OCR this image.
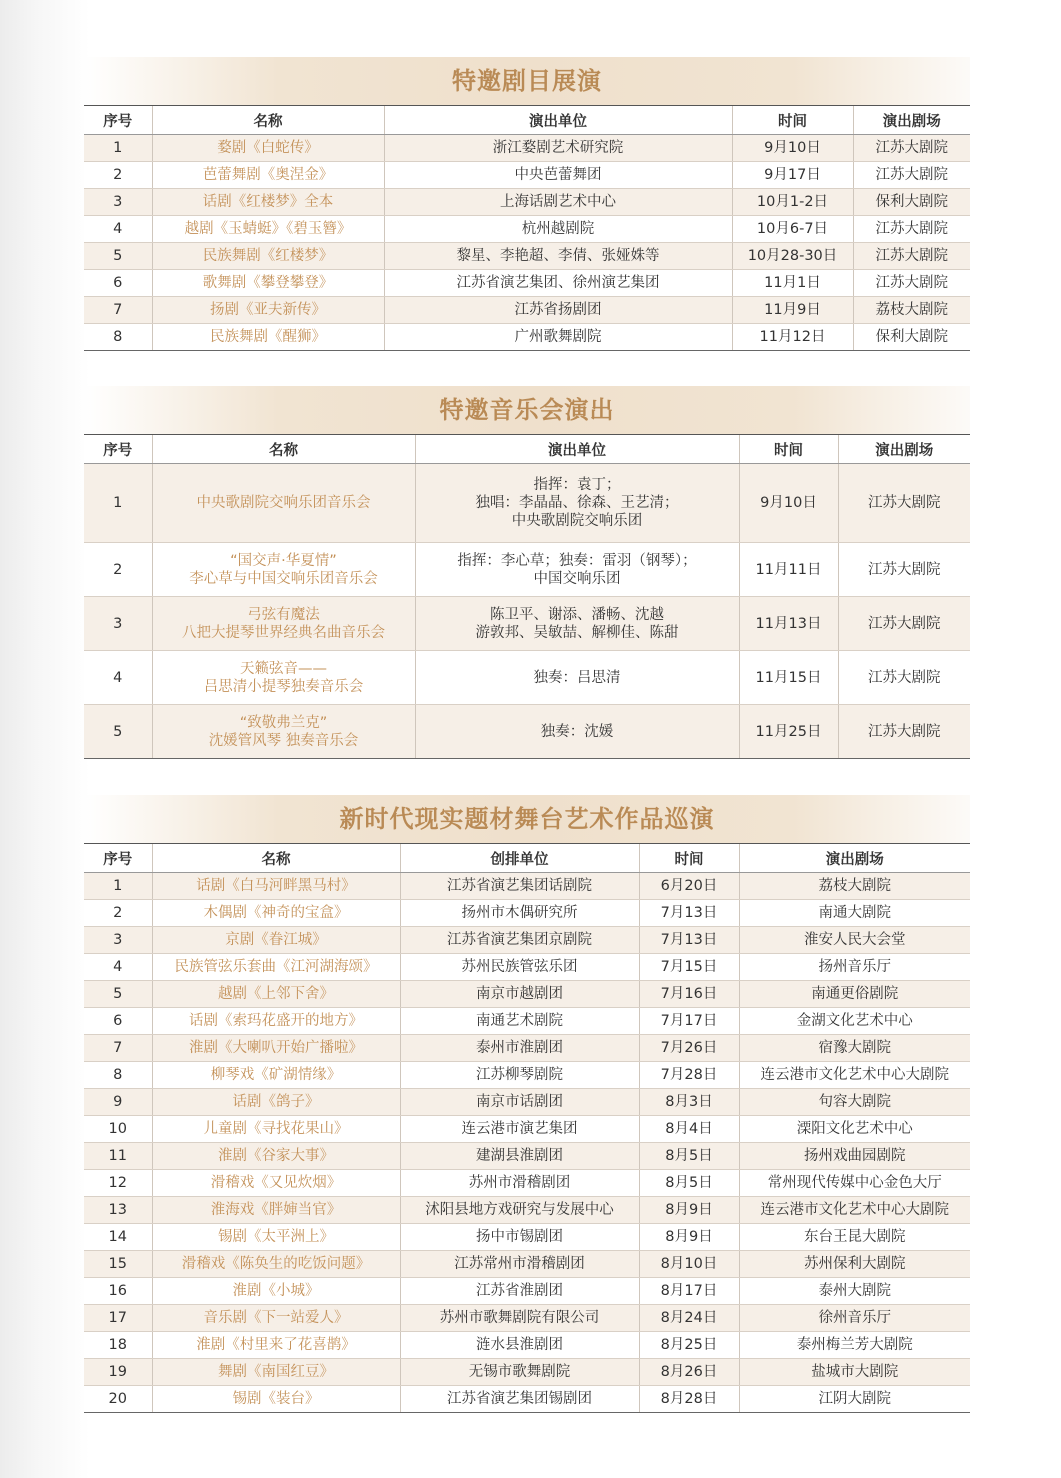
特邀剧目展演
序号	名称	演出单位	时间	演出剧场
1	婺剧《白蛇传》	浙江婺剧艺术研究院	9月10日	江苏大剧院
2	芭蕾舞剧《奥涅金》	中央芭蕾舞团	9月17日	江苏大剧院
3	话剧《红楼梦》全本	上海话剧艺术中心	10月1-2日	保利大剧院
4	越剧《玉蜻蜓》《碧玉簪》	杭州越剧院	10月6-7日	江苏大剧院
5	民族舞剧《红楼梦》	黎星、李艳超、李倩、张娅姝等	10月28-30日	江苏大剧院
6	歌舞剧《攀登攀登》	江苏省演艺集团、徐州演艺集团	11月1日	江苏大剧院
7	扬剧《亚夫新传》	江苏省扬剧团	11月9日	荔枝大剧院
8	民族舞剧《醒狮》	广州歌舞剧院	11月12日	保利大剧院
特邀音乐会演出
序号	名称	演出单位	时间	演出剧场
1	中央歌剧院交响乐团音乐会	指挥：袁丁；
独唱：李晶晶、徐森、王艺清；
中央歌剧院交响乐团	9月10日	江苏大剧院
2	“国交声·华夏情”
李心草与中国交响乐团音乐会	指挥：李心草；独奏：雷羽（钢琴）；
中国交响乐团	11月11日	江苏大剧院
3	弓弦有魔法
八把大提琴世界经典名曲音乐会	陈卫平、谢添、潘畅、沈越
游敦邦、吴敏喆、解柳佳、陈甜	11月13日	江苏大剧院
4	天籁弦音——
吕思清小提琴独奏音乐会	独奏：吕思清	11月15日	江苏大剧院
5	“致敬弗兰克”
沈媛管风琴 独奏音乐会	独奏：沈媛	11月25日	江苏大剧院
新时代现实题材舞台艺术作品巡演
序号	名称	创排单位	时间	演出剧场
1	话剧《白马河畔黑马村》	江苏省演艺集团话剧院	6月20日	荔枝大剧院
2	木偶剧《神奇的宝盒》	扬州市木偶研究所	7月13日	南通大剧院
3	京剧《眷江城》	江苏省演艺集团京剧院	7月13日	淮安人民大会堂
4	民族管弦乐套曲《江河湖海颂》	苏州民族管弦乐团	7月15日	扬州音乐厅
5	越剧《上邻下舍》	南京市越剧团	7月16日	南通更俗剧院
6	话剧《索玛花盛开的地方》	南通艺术剧院	7月17日	金湖文化艺术中心
7	淮剧《大喇叭开始广播啦》	泰州市淮剧团	7月26日	宿豫大剧院
8	柳琴戏《矿湖情缘》	江苏柳琴剧院	7月28日	连云港市文化艺术中心大剧院
9	话剧《鸽子》	南京市话剧团	8月3日	句容大剧院
10	儿童剧《寻找花果山》	连云港市演艺集团	8月4日	溧阳文化艺术中心
11	淮剧《谷家大事》	建湖县淮剧团	8月5日	扬州戏曲园剧院
12	滑稽戏《又见炊烟》	苏州市滑稽剧团	8月5日	常州现代传媒中心金色大厅
13	淮海戏《胖婶当官》	沭阳县地方戏研究与发展中心	8月9日	连云港市文化艺术中心大剧院
14	锡剧《太平洲上》	扬中市锡剧团	8月9日	东台王昆大剧院
15	滑稽戏《陈奂生的吃饭问题》	江苏常州市滑稽剧团	8月10日	苏州保利大剧院
16	淮剧《小城》	江苏省淮剧团	8月17日	泰州大剧院
17	音乐剧《下一站爱人》	苏州市歌舞剧院有限公司	8月24日	徐州音乐厅
18	淮剧《村里来了花喜鹊》	涟水县淮剧团	8月25日	泰州梅兰芳大剧院
19	舞剧《南国红豆》	无锡市歌舞剧院	8月26日	盐城市大剧院
20	锡剧《装台》	江苏省演艺集团锡剧团	8月28日	江阴大剧院
